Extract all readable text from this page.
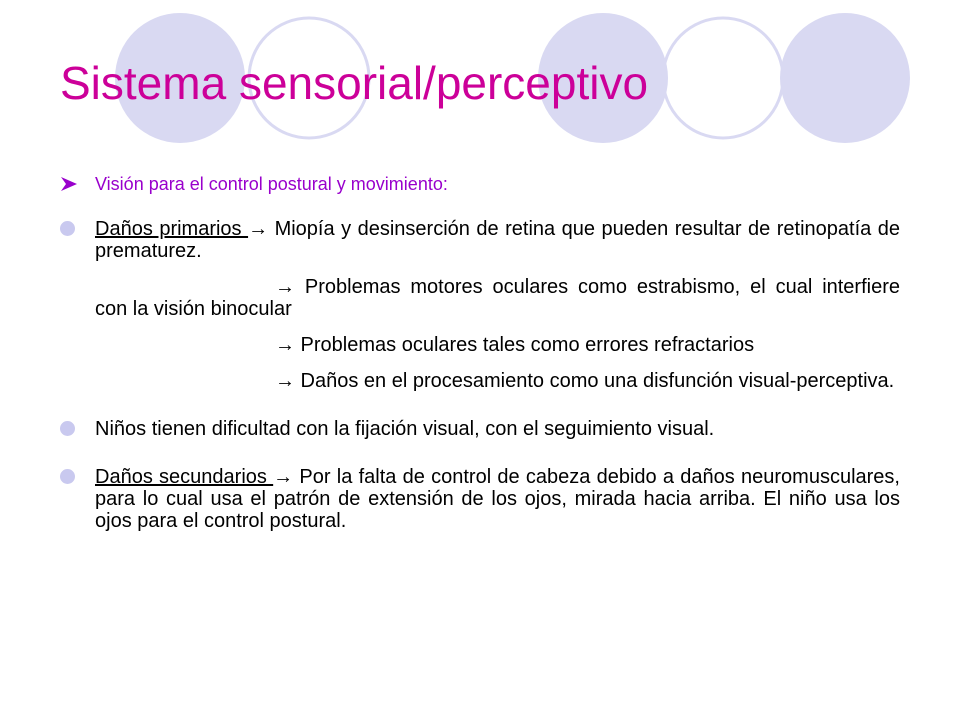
Sistema sensorial/perceptivo
Visión para el control postural y movimiento:

Daños primarios → Miopía y desinserción de retina que pueden resultar de retinopatía de prematurez.

→ Problemas motores oculares como estrabismo, el cual interfiere con la visión binocular

→ Problemas oculares tales como errores refractarios

→ Daños en el procesamiento como una disfunción visual-perceptiva.

Niños tienen dificultad con la fijación visual, con el seguimiento visual.

Daños secundarios → Por la falta de control de cabeza debido a daños neuromusculares, para lo cual usa el patrón de extensión de los ojos, mirada hacia arriba. El niño usa los ojos para el control postural.
